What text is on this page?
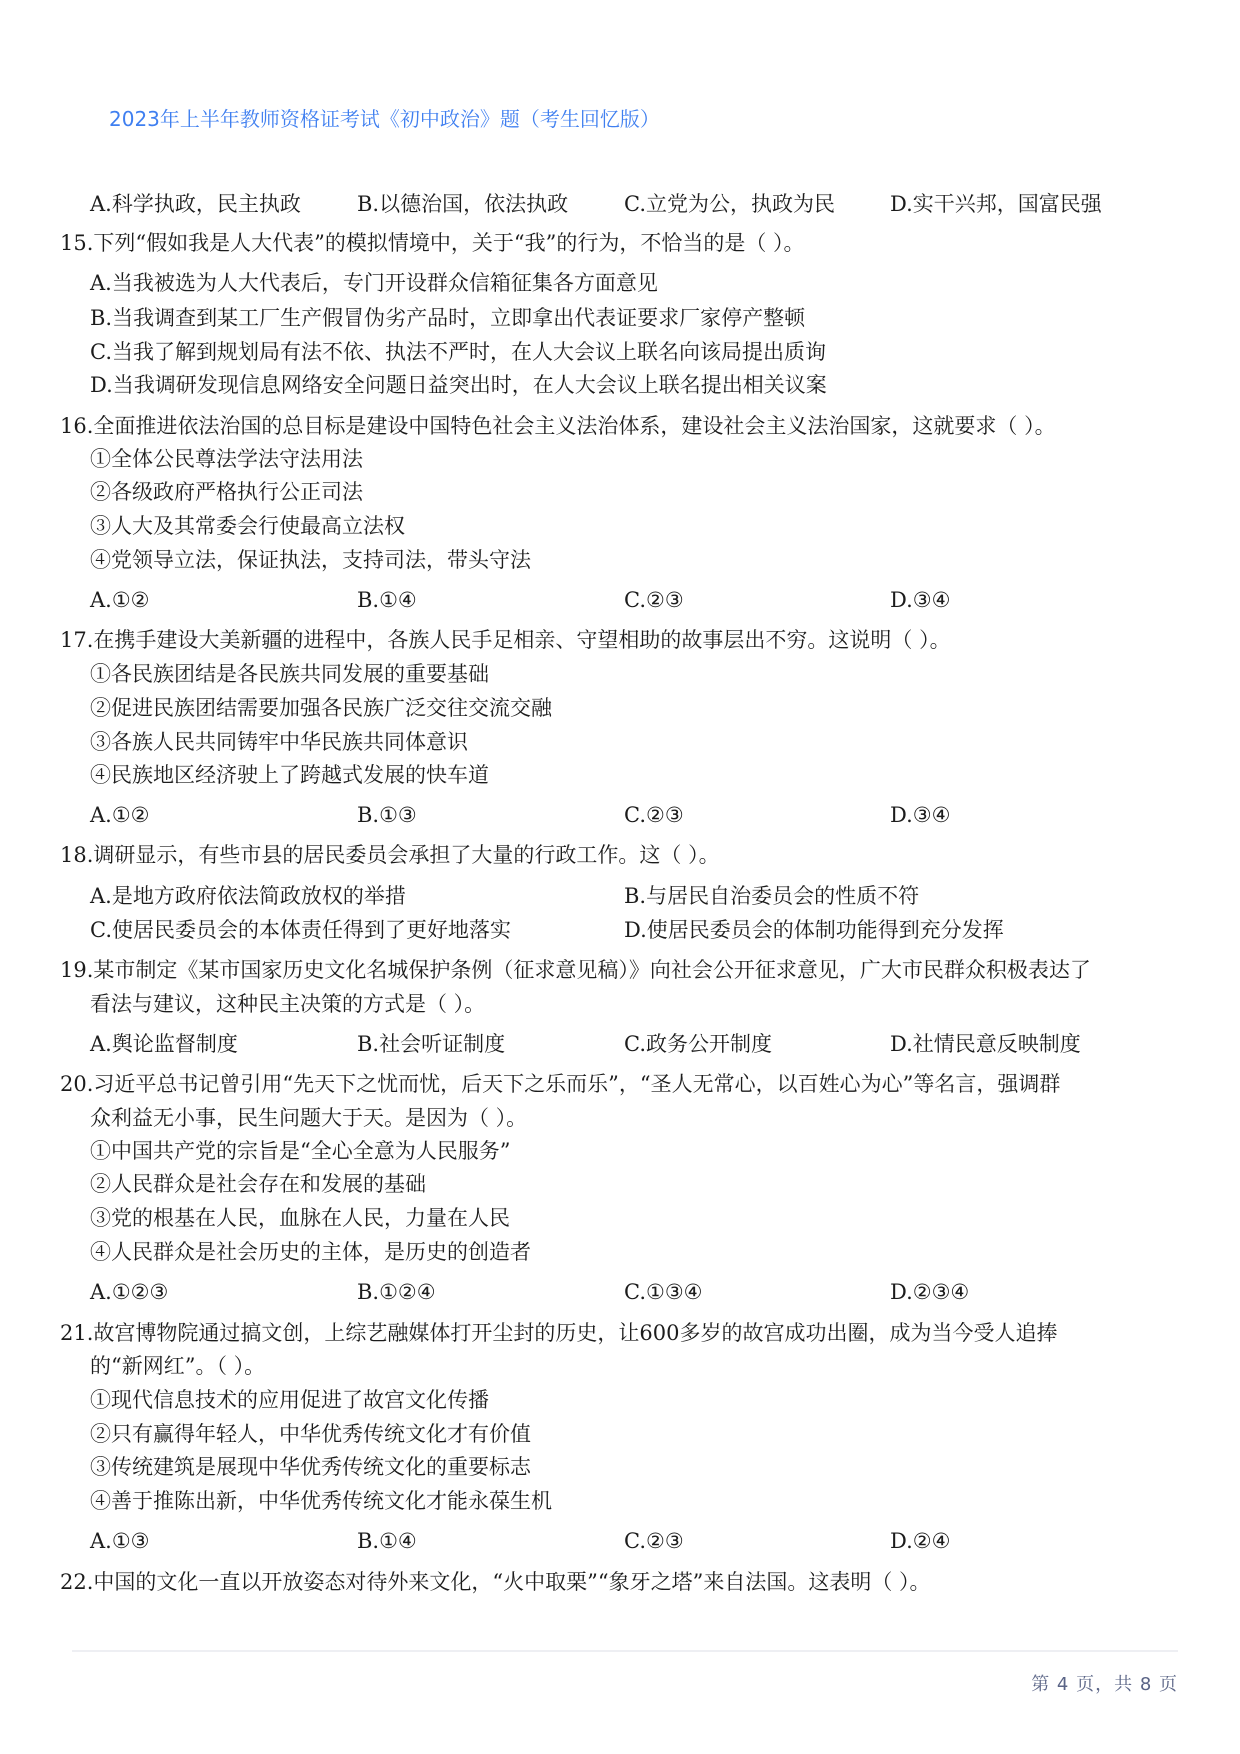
2023年上半年教师资格证考试《初中政治》题（考生回忆版）
A.科学执政，民主执政	B.以德治国，依法执政	C.立党为公，执政为民	D.实干兴邦，国富民强
15.下列“假如我是人大代表”的模拟情境中，关于“我”的行为，不恰当的是（ ）。
A.当我被选为人大代表后，专门开设群众信箱征集各方面意见
B.当我调查到某工厂生产假冒伪劣产品时，立即拿出代表证要求厂家停产整顿
C.当我了解到规划局有法不依、执法不严时，在人大会议上联名向该局提出质询
D.当我调研发现信息网络安全问题日益突出时，在人大会议上联名提出相关议案
16.全面推进依法治国的总目标是建设中国特色社会主义法治体系，建设社会主义法治国家，这就要求（ ）。
①全体公民尊法学法守法用法
②各级政府严格执行公正司法
③人大及其常委会行使最高立法权
④党领导立法，保证执法，支持司法，带头守法
A.①②	B.①④	C.②③	D.③④
17.在携手建设大美新疆的进程中，各族人民手足相亲、守望相助的故事层出不穷。这说明（ ）。
①各民族团结是各民族共同发展的重要基础
②促进民族团结需要加强各民族广泛交往交流交融
③各族人民共同铸牢中华民族共同体意识
④民族地区经济驶上了跨越式发展的快车道
A.①②	B.①③	C.②③	D.③④
18.调研显示，有些市县的居民委员会承担了大量的行政工作。这（ ）。
A.是地方政府依法简政放权的举措	B.与居民自治委员会的性质不符
C.使居民委员会的本体责任得到了更好地落实	D.使居民委员会的体制功能得到充分发挥
19.某市制定《某市国家历史文化名城保护条例（征求意见稿）》向社会公开征求意见，广大市民群众积极表达了
看法与建议，这种民主决策的方式是（ ）。
A.舆论监督制度	B.社会听证制度	C.政务公开制度	D.社情民意反映制度
20.习近平总书记曾引用“先天下之忧而忧，后天下之乐而乐”，“圣人无常心，以百姓心为心”等名言，强调群
众利益无小事，民生问题大于天。是因为（ ）。
①中国共产党的宗旨是“全心全意为人民服务”
②人民群众是社会存在和发展的基础
③党的根基在人民，血脉在人民，力量在人民
④人民群众是社会历史的主体，是历史的创造者
A.①②③	B.①②④	C.①③④	D.②③④
21.故宫博物院通过搞文创，上综艺融媒体打开尘封的历史，让600多岁的故宫成功出圈，成为当今受人追捧
的“新网红”。（ ）。
①现代信息技术的应用促进了故宫文化传播
②只有赢得年轻人，中华优秀传统文化才有价值
③传统建筑是展现中华优秀传统文化的重要标志
④善于推陈出新，中华优秀传统文化才能永葆生机
A.①③	B.①④	C.②③	D.②④
22.中国的文化一直以开放姿态对待外来文化，“火中取栗”“象牙之塔”来自法国。这表明（ ）。
第 4 页，共 8 页
